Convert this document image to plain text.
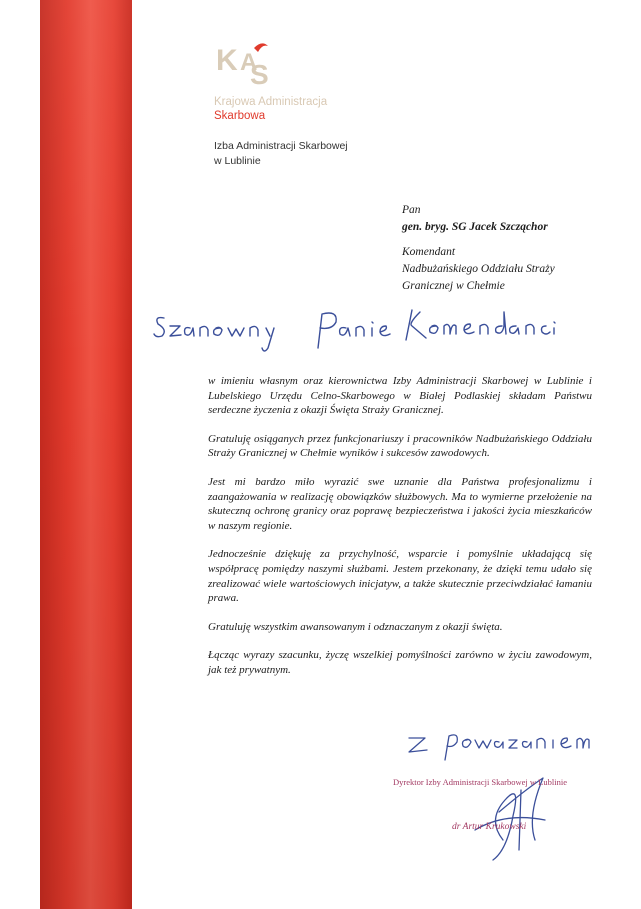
K A
S
Krajowa Administracja
Skarbowa
Izba Administracji Skarbowej
w Lublinie
Pan
gen. bryg. SG Jacek Szcząchor
Komendant
Nadbużańskiego Oddziału Straży
Granicznej w Chełmie

w imieniu własnym oraz kierownictwa Izby Administracji Skarbowej w Lublinie i Lubelskiego Urzędu Celno-Skarbowego w Białej Podlaskiej składam Państwu serdeczne życzenia z okazji Święta Straży Granicznej.

Gratuluję osiąganych przez funkcjonariuszy i pracowników Nadbużańskiego Oddziału Straży Granicznej w Chełmie wyników i sukcesów zawodowych.

Jest mi bardzo miło wyrazić swe uznanie dla Państwa profesjonalizmu i zaangażowania w realizację obowiązków służbowych. Ma to wymierne przełożenie na skuteczną ochronę granicy oraz poprawę bezpieczeństwa i jakości życia mieszkańców w naszym regionie.

Jednocześnie dziękuję za przychylność, wsparcie i pomyślnie układającą się współpracę pomiędzy naszymi służbami. Jestem przekonany, że dzięki temu udało się zrealizować wiele wartościowych inicjatyw, a także skutecznie przeciwdziałać łamaniu prawa.

Gratuluję wszystkim awansowanym i odznaczanym z okazji święta.

Łącząc wyrazy szacunku, życzę wszelkiej pomyślności zarówno w życiu zawodowym, jak też prywatnym.

Dyrektor Izby Administracji Skarbowej w Lublinie
dr Artur Krukowski
